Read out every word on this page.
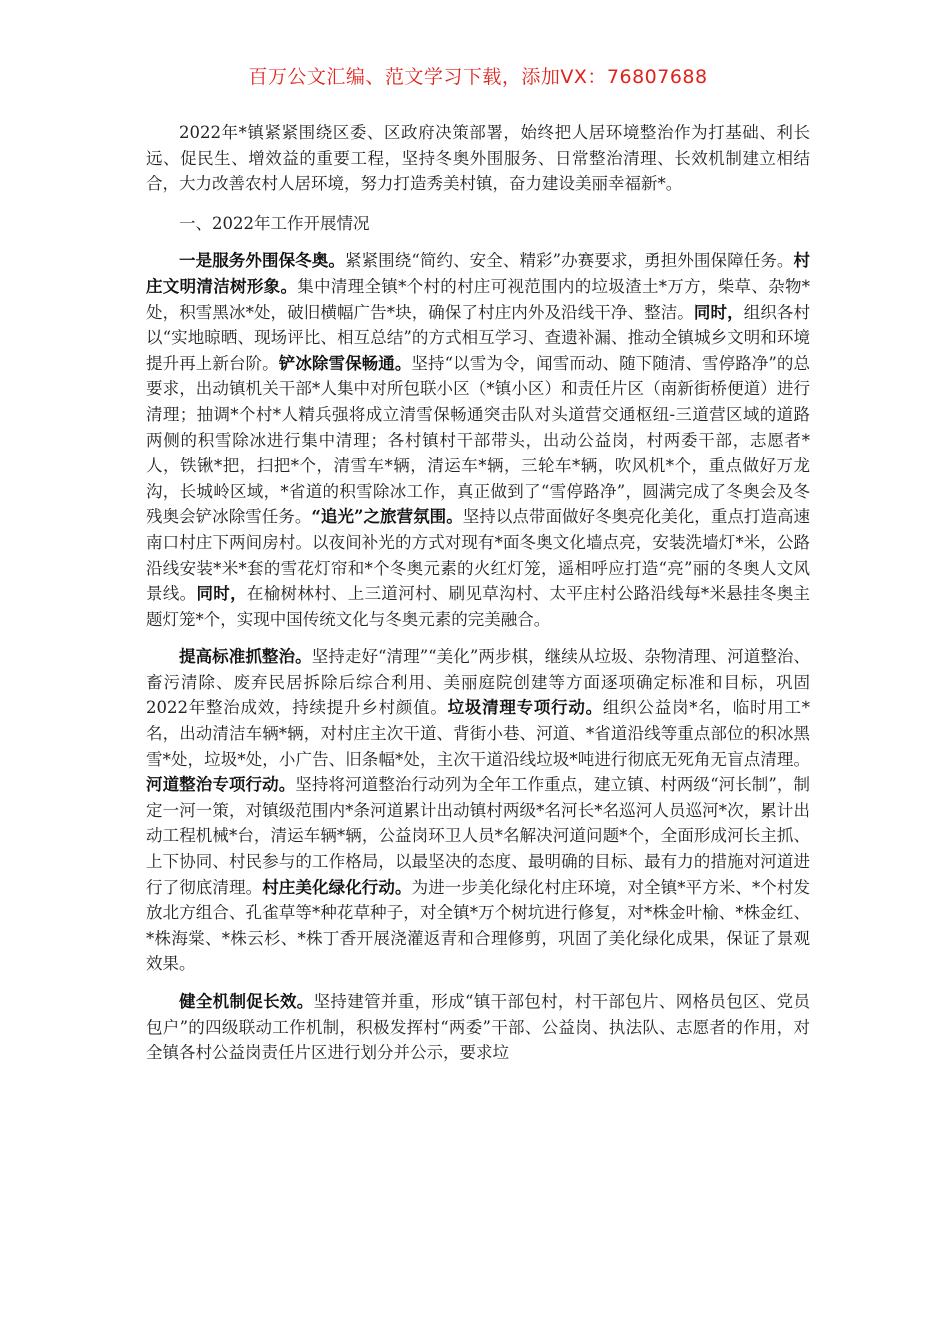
百万公文汇编、范文学习下载，添加VX：76807688

2022年*镇紧紧围绕区委、区政府决策部署，始终把人居环境整治作为打基础、利长远、促民生、增效益的重要工程，坚持冬奥外围服务、日常整治清理、长效机制建立相结合，大力改善农村人居环境，努力打造秀美村镇，奋力建设美丽幸福新*。

一、2022年工作开展情况

一是服务外围保冬奥。紧紧围绕“简约、安全、精彩”办赛要求，勇担外围保障任务。村庄文明清洁树形象。集中清理全镇*个村的村庄可视范围内的垃圾渣土*万方，柴草、杂物*处，积雪黑冰*处，破旧横幅广告*块，确保了村庄内外及沿线干净、整洁。同时，组织各村以“实地晾晒、现场评比、相互总结”的方式相互学习、查遗补漏、推动全镇城乡文明和环境提升再上新台阶。铲冰除雪保畅通。坚持“以雪为令，闻雪而动、随下随清、雪停路净”的总要求，出动镇机关干部*人集中对所包联小区（*镇小区）和责任片区（南新街桥便道）进行清理；抽调*个村*人精兵强将成立清雪保畅通突击队对头道营交通枢纽-三道营区域的道路两侧的积雪除冰进行集中清理；各村镇村干部带头，出动公益岗，村两委干部，志愿者*人，铁锹*把，扫把*个，清雪车*辆，清运车*辆，三轮车*辆，吹风机*个，重点做好万龙沟，长城岭区域，*省道的积雪除冰工作，真正做到了“雪停路净”，圆满完成了冬奥会及冬残奥会铲冰除雪任务。“追光”之旅营氛围。坚持以点带面做好冬奥亮化美化，重点打造高速南口村庄下两间房村。以夜间补光的方式对现有*面冬奥文化墙点亮，安装洗墙灯*米，公路沿线安装*米*套的雪花灯帘和*个冬奥元素的火红灯笼，遥相呼应打造“亮”丽的冬奥人文风景线。同时，在榆树林村、上三道河村、刷见草沟村、太平庄村公路沿线每*米悬挂冬奥主题灯笼*个，实现中国传统文化与冬奥元素的完美融合。

提高标准抓整治。坚持走好“清理”“美化”两步棋，继续从垃圾、杂物清理、河道整治、畜污清除、废弃民居拆除后综合利用、美丽庭院创建等方面逐项确定标准和目标，巩固2022年整治成效，持续提升乡村颜值。垃圾清理专项行动。组织公益岗*名，临时用工*名，出动清洁车辆*辆，对村庄主次干道、背街小巷、河道、*省道沿线等重点部位的积冰黑雪*处，垃圾*处，小广告、旧条幅*处，主次干道沿线垃圾*吨进行彻底无死角无盲点清理。河道整治专项行动。坚持将河道整治行动列为全年工作重点，建立镇、村两级“河长制”，制定一河一策，对镇级范围内*条河道累计出动镇村两级*名河长*名巡河人员巡河*次，累计出动工程机械*台，清运车辆*辆，公益岗环卫人员*名解决河道问题*个，全面形成河长主抓、上下协同、村民参与的工作格局，以最坚决的态度、最明确的目标、最有力的措施对河道进行了彻底清理。村庄美化绿化行动。为进一步美化绿化村庄环境，对全镇*平方米、*个村发放北方组合、孔雀草等*种花草种子，对全镇*万个树坑进行修复，对*株金叶榆、*株金红、*株海棠、*株云杉、*株丁香开展浇灌返青和合理修剪，巩固了美化绿化成果，保证了景观效果。

健全机制促长效。坚持建管并重，形成“镇干部包村，村干部包片、网格员包区、党员包户”的四级联动工作机制，积极发挥村“两委”干部、公益岗、执法队、志愿者的作用，对全镇各村公益岗责任片区进行划分并公示，要求垃
